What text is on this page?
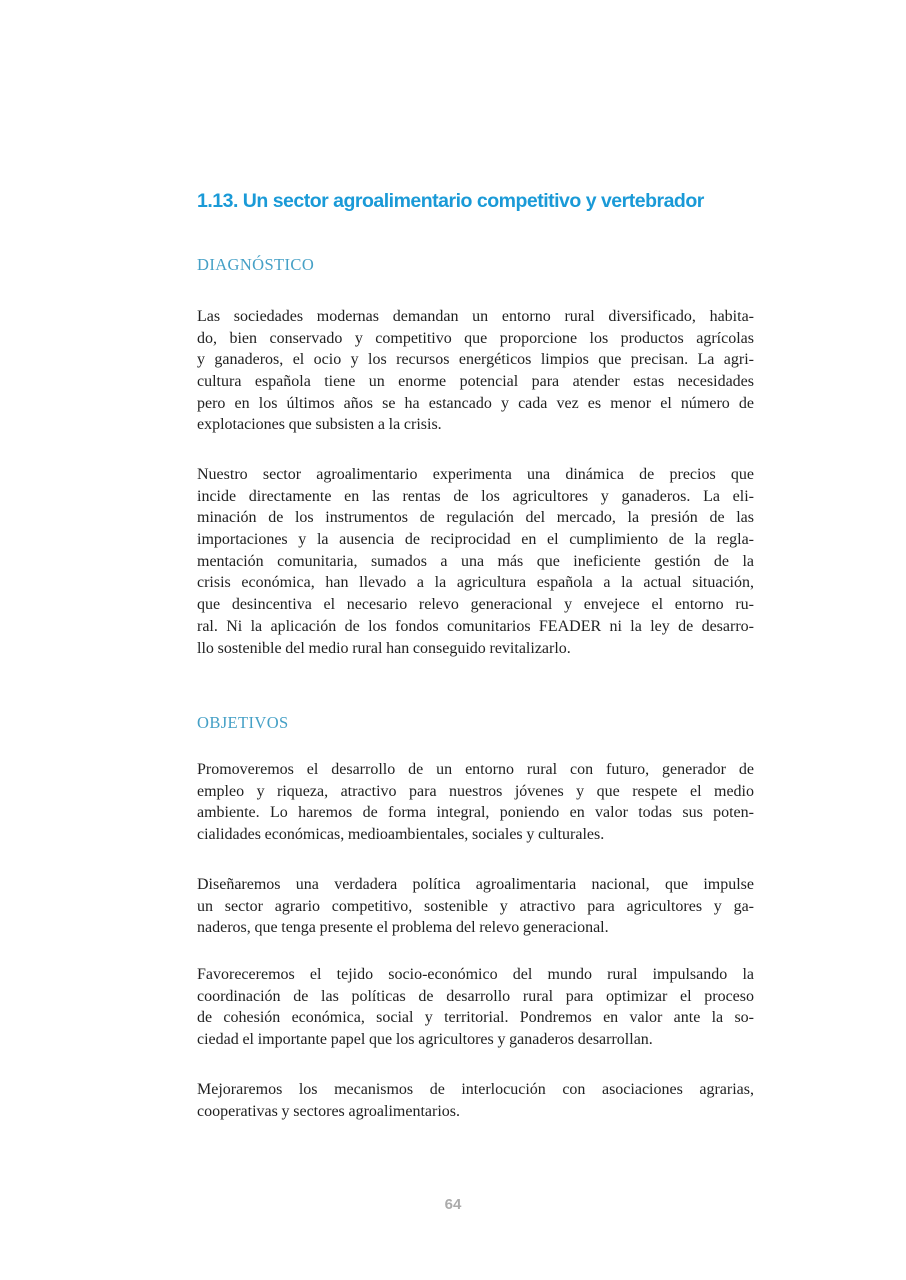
1.13. Un sector agroalimentario competitivo y vertebrador
DIAGNÓSTICO
Las sociedades modernas demandan un entorno rural diversificado, habita-
do, bien conservado y competitivo que proporcione los productos agrícolas
y ganaderos, el ocio y los recursos energéticos limpios que precisan. La agri-
cultura española tiene un enorme potencial para atender estas necesidades
pero en los últimos años se ha estancado y cada vez es menor el número de
explotaciones que subsisten a la crisis.
Nuestro sector agroalimentario experimenta una dinámica de precios que
incide directamente en las rentas de los agricultores y ganaderos. La eli-
minación de los instrumentos de regulación del mercado, la presión de las
importaciones y la ausencia de reciprocidad en el cumplimiento de la regla-
mentación comunitaria, sumados a una más que ineficiente gestión de la
crisis económica, han llevado a la agricultura española a la actual situación,
que desincentiva el necesario relevo generacional y envejece el entorno ru-
ral. Ni la aplicación de los fondos comunitarios FEADER ni la ley de desarro-
llo sostenible del medio rural han conseguido revitalizarlo.
OBJETIVOS
Promoveremos el desarrollo de un entorno rural con futuro, generador de
empleo y riqueza, atractivo para nuestros jóvenes y que respete el medio
ambiente. Lo haremos de forma integral, poniendo en valor todas sus poten-
cialidades económicas, medioambientales, sociales y culturales.
Diseñaremos una verdadera política agroalimentaria nacional, que impulse
un sector agrario competitivo, sostenible y atractivo para agricultores y ga-
naderos, que tenga presente el problema del relevo generacional.
Favoreceremos el tejido socio-económico del mundo rural impulsando la
coordinación de las políticas de desarrollo rural para optimizar el proceso
de cohesión económica, social y territorial. Pondremos en valor ante la so-
ciedad el importante papel que los agricultores y ganaderos desarrollan.
Mejoraremos los mecanismos de interlocución con asociaciones agrarias,
cooperativas y sectores agroalimentarios.
64
